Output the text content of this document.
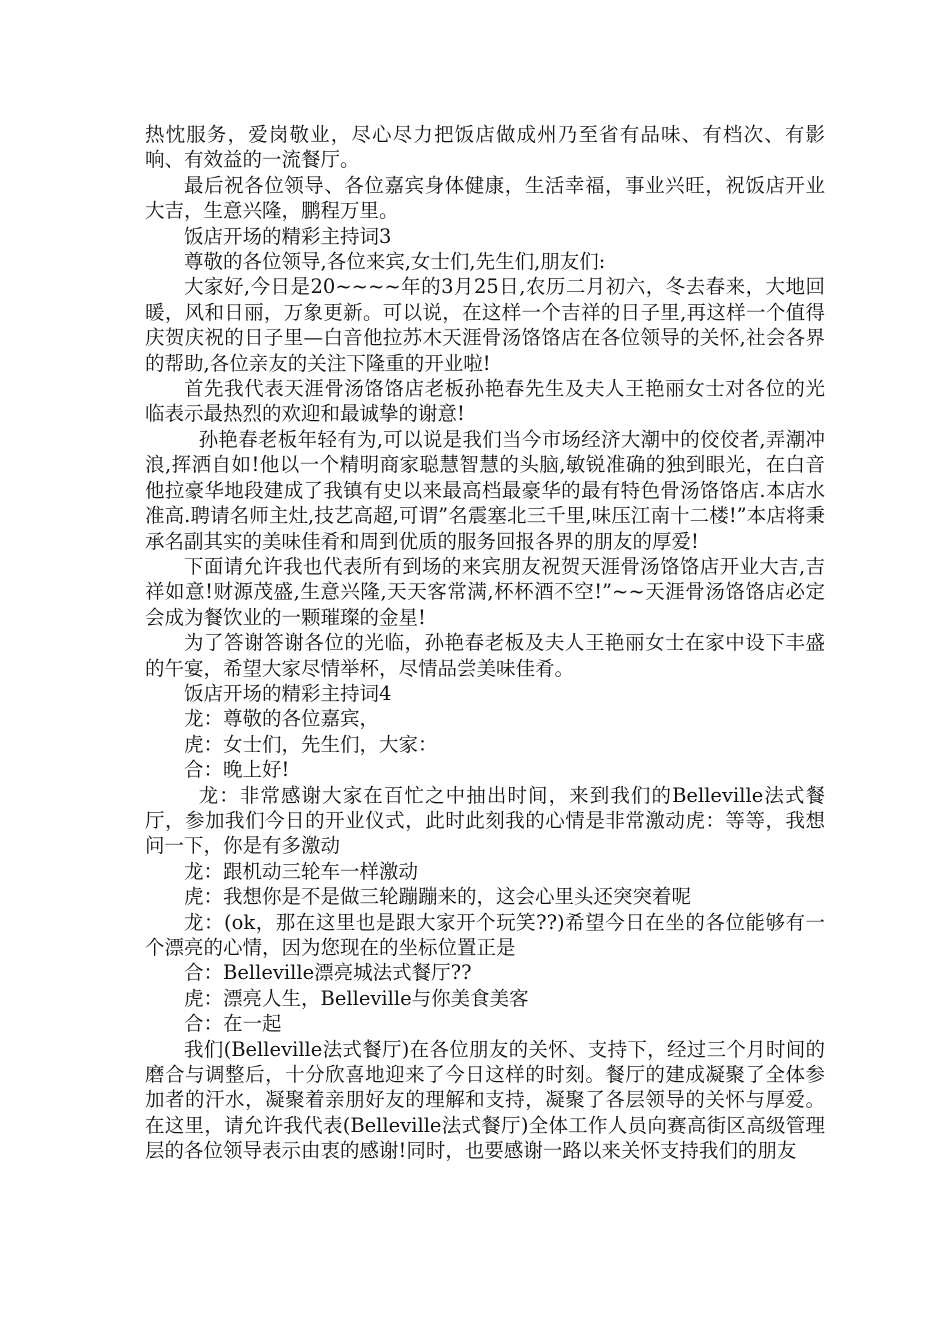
热忱服务，爱岗敬业，尽心尽力把饭店做成州乃至省有品味、有档次、有影响、有效益的一流餐厅。

最后祝各位领导、各位嘉宾身体健康，生活幸福，事业兴旺，祝饭店开业大吉，生意兴隆，鹏程万里。

饭店开场的精彩主持词3

尊敬的各位领导,各位来宾,女士们,先生们,朋友们:

大家好,今日是20~~~~年的3月25日,农历二月初六，冬去春来，大地回暖，风和日丽，万象更新。可以说，在这样一个吉祥的日子里,再这样一个值得庆贺庆祝的日子里—白音他拉苏木天涯骨汤饹饹店在各位领导的关怀,社会各界的帮助,各位亲友的关注下隆重的开业啦!

首先我代表天涯骨汤饹饹店老板孙艳春先生及夫人王艳丽女士对各位的光临表示最热烈的欢迎和最诚挚的谢意!

孙艳春老板年轻有为,可以说是我们当今市场经济大潮中的佼佼者,弄潮冲浪,挥洒自如!他以一个精明商家聪慧智慧的头脑,敏锐准确的独到眼光，在白音他拉豪华地段建成了我镇有史以来最高档最豪华的最有特色骨汤饹饹店.本店水准高.聘请名师主灶,技艺高超,可谓”名震塞北三千里,味压江南十二楼!”本店将秉承名副其实的美味佳肴和周到优质的服务回报各界的朋友的厚爱!

下面请允许我也代表所有到场的来宾朋友祝贺天涯骨汤饹饹店开业大吉,吉祥如意!财源茂盛,生意兴隆,天天客常满,杯杯酒不空!”~~天涯骨汤饹饹店必定会成为餐饮业的一颗璀璨的金星!

为了答谢答谢各位的光临，孙艳春老板及夫人王艳丽女士在家中设下丰盛的午宴，希望大家尽情举杯，尽情品尝美味佳肴。

饭店开场的精彩主持词4

龙：尊敬的各位嘉宾，

虎：女士们，先生们，大家：

合：晚上好!

龙：非常感谢大家在百忙之中抽出时间，来到我们的Belleville法式餐厅，参加我们今日的开业仪式，此时此刻我的心情是非常激动虎：等等，我想问一下，你是有多激动

龙：跟机动三轮车一样激动

虎：我想你是不是做三轮蹦蹦来的，这会心里头还突突着呢

龙：(ok，那在这里也是跟大家开个玩笑??)希望今日在坐的各位能够有一个漂亮的心情，因为您现在的坐标位置正是

合：Belleville漂亮城法式餐厅??

虎：漂亮人生，Belleville与你美食美客

合：在一起

我们(Belleville法式餐厅)在各位朋友的关怀、支持下，经过三个月时间的磨合与调整后，十分欣喜地迎来了今日这样的时刻。餐厅的建成凝聚了全体参加者的汗水，凝聚着亲朋好友的理解和支持，凝聚了各层领导的关怀与厚爱。在这里，请允许我代表(Belleville法式餐厅)全体工作人员向赛高街区高级管理层的各位领导表示由衷的感谢!同时，也要感谢一路以来关怀支持我们的朋友
